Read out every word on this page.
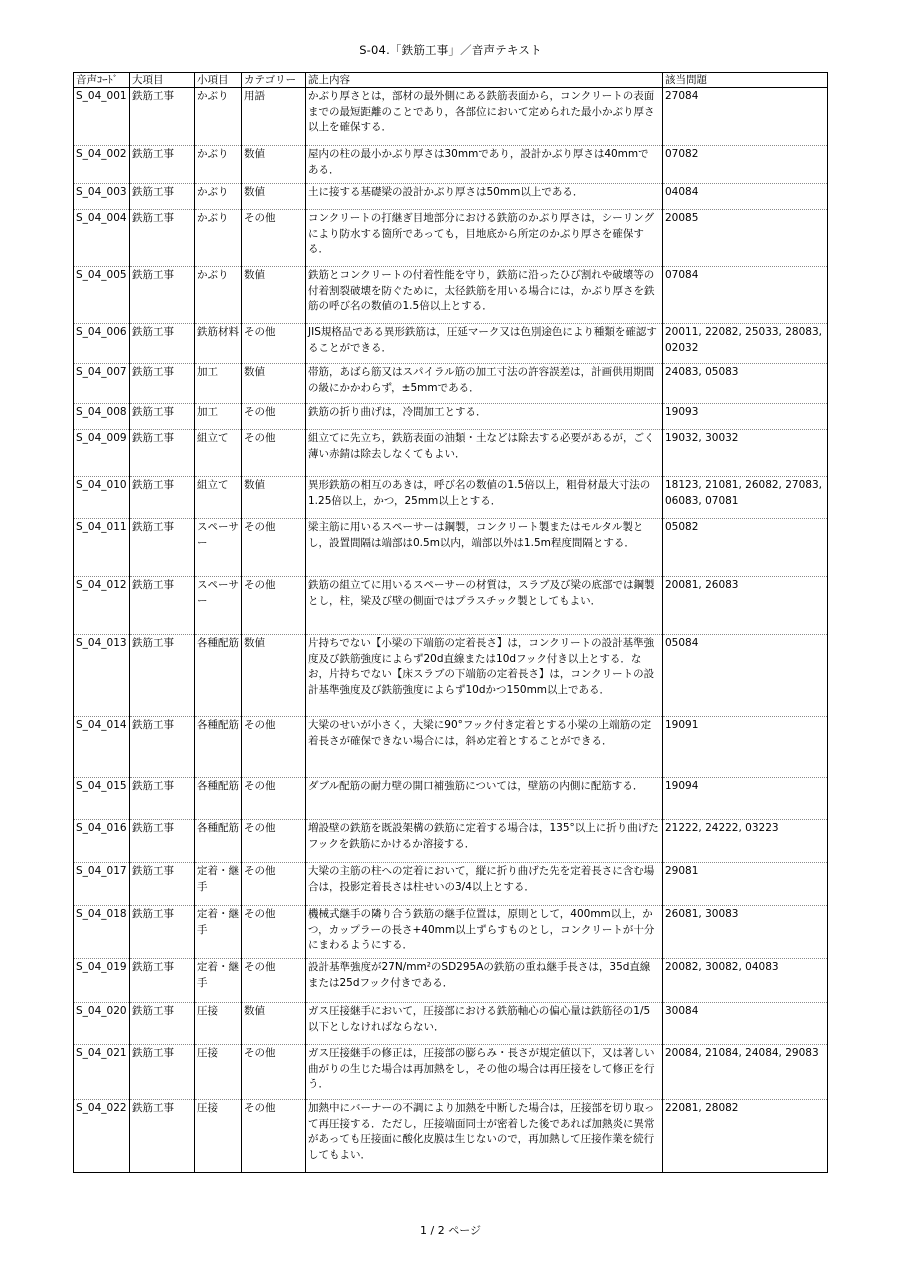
S-04.「鉄筋工事」／音声テキスト
音声ｺｰﾄﾞ	大項目	小項目	カテゴリー	読上内容	該当問題
S_04_001	鉄筋工事	かぶり	用語	かぶり厚さとは，部材の最外側にある鉄筋表面から，コンクリートの表面までの最短距離のことであり，各部位において定められた最小かぶり厚さ以上を確保する．	27084
S_04_002	鉄筋工事	かぶり	数値	屋内の柱の最小かぶり厚さは30mmであり，設計かぶり厚さは40mmである．	07082
S_04_003	鉄筋工事	かぶり	数値	土に接する基礎梁の設計かぶり厚さは50mm以上である．	04084
S_04_004	鉄筋工事	かぶり	その他	コンクリートの打継ぎ目地部分における鉄筋のかぶり厚さは，シーリングにより防水する箇所であっても，目地底から所定のかぶり厚さを確保する．	20085
S_04_005	鉄筋工事	かぶり	数値	鉄筋とコンクリートの付着性能を守り，鉄筋に沿ったひび割れや破壊等の付着割裂破壊を防ぐために，太径鉄筋を用いる場合には，かぶり厚さを鉄筋の呼び名の数値の1.5倍以上とする．	07084
S_04_006	鉄筋工事	鉄筋材料	その他	JIS規格品である異形鉄筋は，圧延マーク又は色別途色により種類を確認することができる．	20011, 22082, 25033, 28083, 02032
S_04_007	鉄筋工事	加工	数値	帯筋，あばら筋又はスパイラル筋の加工寸法の許容誤差は，計画供用期間の級にかかわらず，±5mmである．	24083, 05083
S_04_008	鉄筋工事	加工	その他	鉄筋の折り曲げは，冷間加工とする．	19093
S_04_009	鉄筋工事	組立て	その他	組立てに先立ち，鉄筋表面の油類・土などは除去する必要があるが，ごく薄い赤錆は除去しなくてもよい．	19032, 30032
S_04_010	鉄筋工事	組立て	数値	異形鉄筋の相互のあきは，呼び名の数値の1.5倍以上，粗骨材最大寸法の1.25倍以上，かつ，25mm以上とする．	18123, 21081, 26082, 27083, 06083, 07081
S_04_011	鉄筋工事	スペーサー	その他	梁主筋に用いるスペーサーは鋼製，コンクリート製またはモルタル製とし，設置間隔は端部は0.5m以内，端部以外は1.5m程度間隔とする．	05082
S_04_012	鉄筋工事	スペーサー	その他	鉄筋の組立てに用いるスペーサーの材質は，スラブ及び梁の底部では鋼製とし，柱，梁及び壁の側面ではプラスチック製としてもよい．	20081, 26083
S_04_013	鉄筋工事	各種配筋	数値	片持ちでない【小梁の下端筋の定着長さ】は，コンクリートの設計基準強度及び鉄筋強度によらず20d直線または10dフック付き以上とする．なお，片持ちでない【床スラブの下端筋の定着長さ】は，コンクリートの設計基準強度及び鉄筋強度によらず10dかつ150mm以上である．	05084
S_04_014	鉄筋工事	各種配筋	その他	大梁のせいが小さく，大梁に90°フック付き定着とする小梁の上端筋の定着長さが確保できない場合には，斜め定着とすることができる．	19091
S_04_015	鉄筋工事	各種配筋	その他	ダブル配筋の耐力壁の開口補強筋については，壁筋の内側に配筋する．	19094
S_04_016	鉄筋工事	各種配筋	その他	増設壁の鉄筋を既設架構の鉄筋に定着する場合は，135°以上に折り曲げたフックを鉄筋にかけるか溶接する．	21222, 24222, 03223
S_04_017	鉄筋工事	定着・継手	その他	大梁の主筋の柱への定着において，縦に折り曲げた先を定着長さに含む場合は，投影定着長さは柱せいの3/4以上とする．	29081
S_04_018	鉄筋工事	定着・継手	その他	機械式継手の隣り合う鉄筋の継手位置は，原則として，400mm以上，かつ，カップラーの長さ+40mm以上ずらすものとし，コンクリートが十分にまわるようにする．	26081, 30083
S_04_019	鉄筋工事	定着・継手	その他	設計基準強度が27N/mm²のSD295Aの鉄筋の重ね継手長さは，35d直線または25dフック付きである．	20082, 30082, 04083
S_04_020	鉄筋工事	圧接	数値	ガス圧接継手において，圧接部における鉄筋軸心の偏心量は鉄筋径の1/5以下としなければならない．	30084
S_04_021	鉄筋工事	圧接	その他	ガス圧接継手の修正は，圧接部の膨らみ・長さが規定値以下，又は著しい曲がりの生じた場合は再加熱をし，その他の場合は再圧接をして修正を行う．	20084, 21084, 24084, 29083
S_04_022	鉄筋工事	圧接	その他	加熱中にバーナーの不調により加熱を中断した場合は，圧接部を切り取って再圧接する．ただし，圧接端面同士が密着した後であれば加熱炎に異常があっても圧接面に酸化皮膜は生じないので，再加熱して圧接作業を続行してもよい．	22081, 28082
1 / 2 ページ
